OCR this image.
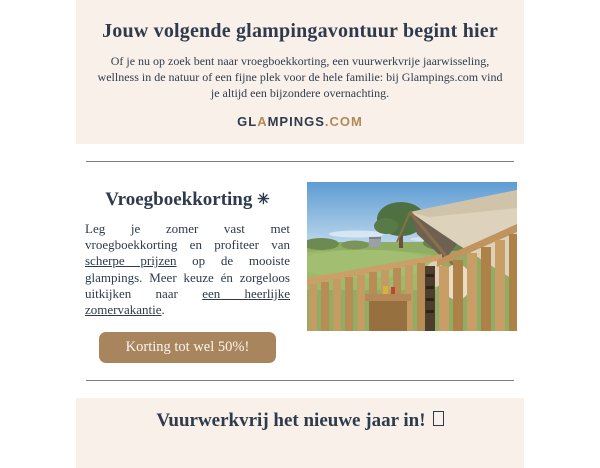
Jouw volgende glampingavontuur begint hier

Of je nu op zoek bent naar vroegboekkorting, een vuurwerkvrije jaarwisseling,
wellness in de natuur of een fijne plek voor de hele familie: bij Glampings.com vind
je altijd een bijzondere overnachting.

GLAMPINGS.COM
Vroegboekkorting ✳

Leg je zomer vast met vroegboekkorting en profiteer van scherpe prijzen op de mooiste glampings. Meer keuze én zorgeloos uitkijken naar een heerlijke zomervakantie.

Korting tot wel 50%!
Vuurwerkvrij het nieuwe jaar in!
